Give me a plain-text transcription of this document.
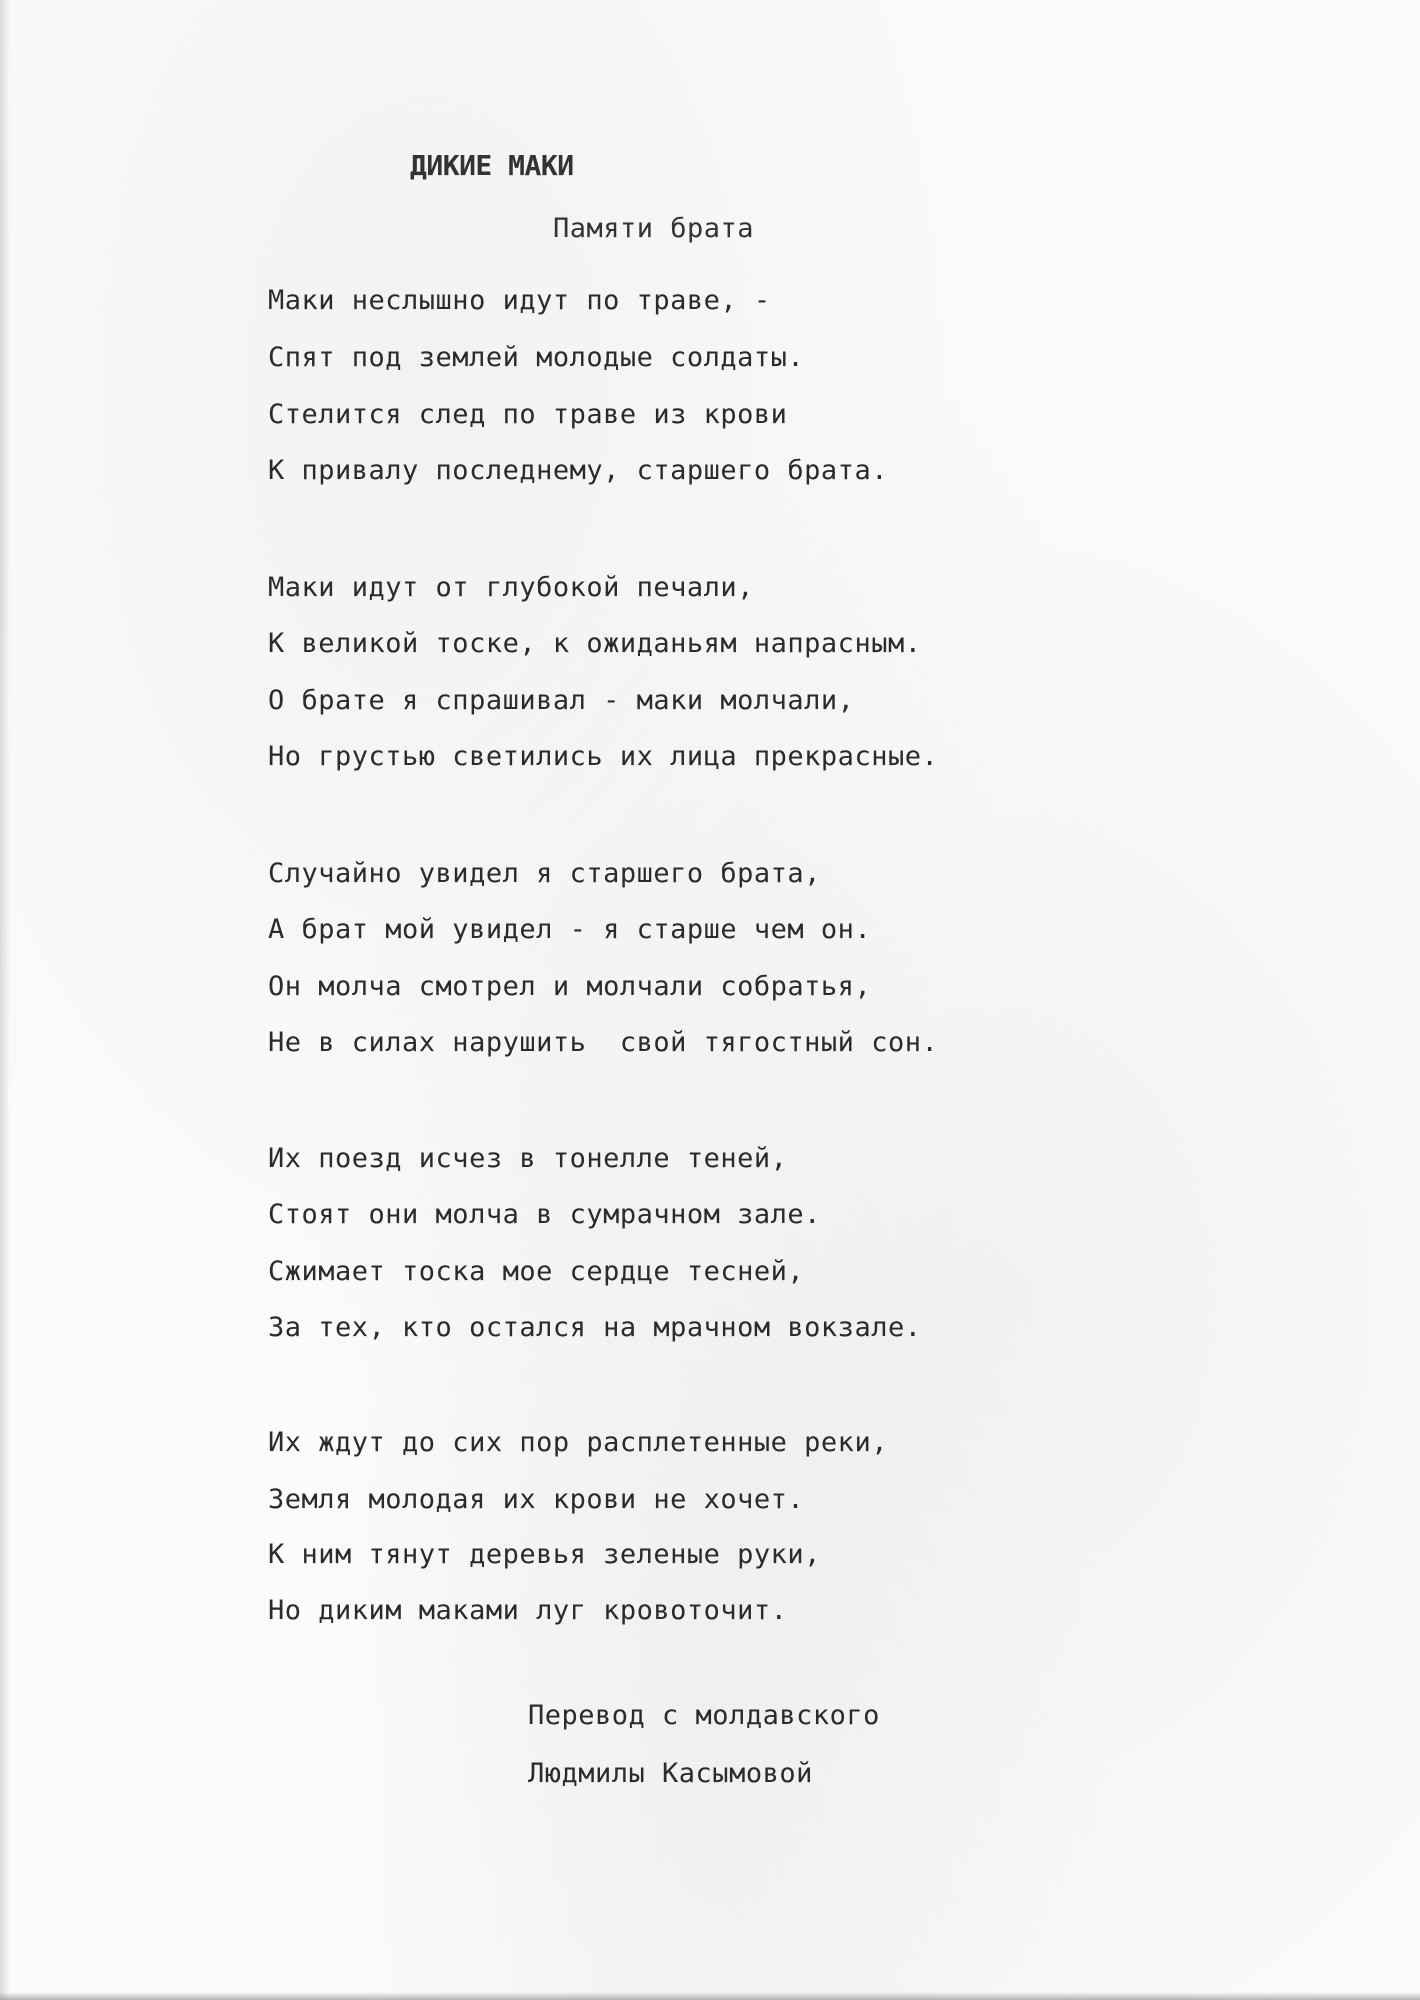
ДИКИЕ МАКИ

Памяти брата

Маки неслышно идут по траве, -

Спят под землей молодые солдаты.

Стелится след по траве из крови

К привалу последнему, старшего брата.

Маки идут от глубокой печали,

К великой тоске, к ожиданьям напрасным.

О брате я спрашивал - маки молчали,

Но грустью светились их лица прекрасные.

Случайно увидел я старшего брата,

А брат мой увидел - я старше чем он.

Он молча смотрел и молчали собратья,

Не в силах нарушить  свой тягостный сон.

Их поезд исчез в тонелле теней,

Стоят они молча в сумрачном зале.

Сжимает тоска мое сердце тесней,

За тех, кто остался на мрачном вокзале.

Их ждут до сих пор расплетенные реки,

Земля молодая их крови не хочет.

К ним тянут деревья зеленые руки,

Но диким маками луг кровоточит.

Перевод с молдавского

Людмилы Касымовой
